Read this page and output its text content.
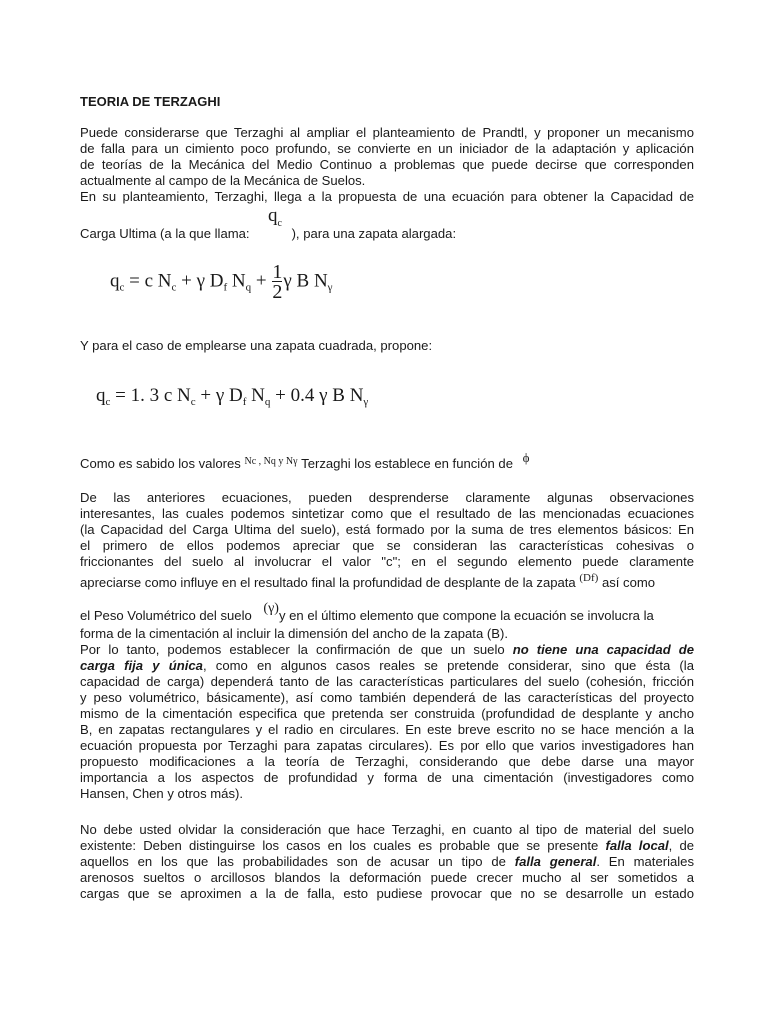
TEORIA DE TERZAGHI
Puede considerarse que Terzaghi al ampliar el planteamiento de Prandtl, y proponer un mecanismo
de falla para un cimiento poco profundo, se convierte en un iniciador de la adaptación y aplicación
de teorías de la Mecánica del Medio Continuo a problemas que puede decirse que corresponden
actualmente al campo de la Mecánica de Suelos.
En su planteamiento, Terzaghi, llega a la propuesta de una ecuación para obtener la Capacidad de
$q_c$
Carga Ultima (a la que llama:	), para una zapata alargada:
$q_c = c$ $N_c + \gamma$ $D_f$ $N_q + \frac{1}{2}$ γ B $N_\gamma$
Y para el caso de emplearse una zapata cuadrada, propone:
$q_c = 1$. 3 c $N_c + \gamma$ $D_f$ $N_q + 0.4$ γ B $N_\gamma$
Como es sabido los valores $^{Nc , Nq y N\gamma}$ Terzaghi los establece en función de ϕ
De las anteriores ecuaciones, pueden desprenderse claramente algunas observaciones
interesantes, las cuales podemos sintetizar como que el resultado de las mencionadas ecuaciones
(la Capacidad del Carga Ultima del suelo), está formado por la suma de tres elementos básicos: En
el primero de ellos podemos apreciar que se consideran las características cohesivas o
friccionantes del suelo al involucrar el valor "c"; en el segundo elemento puede claramente
apreciarse como influye en el resultado final la profundidad de desplante de la zapata $^{(Df)}$ así como
el Peso Volumétrico del suelo (γ)y en el último elemento que compone la ecuación se involucra la
forma de la cimentación al incluir la dimensión del ancho de la zapata (B).
Por lo tanto, podemos establecer la confirmación de que un suelo no tiene una capacidad de
carga fija y única, como en algunos casos reales se pretende considerar, sino que ésta (la
capacidad de carga) dependerá tanto de las características particulares del suelo (cohesión, fricción
y peso volumétrico, básicamente), así como también dependerá de las características del proyecto
mismo de la cimentación especifica que pretenda ser construida (profundidad de desplante y ancho
B, en zapatas rectangulares y el radio en circulares. En este breve escrito no se hace mención a la
ecuación propuesta por Terzaghi para zapatas circulares). Es por ello que varios investigadores han
propuesto modificaciones a la teoría de Terzaghi, considerando que debe darse una mayor
importancia a los aspectos de profundidad y forma de una cimentación (investigadores como
Hansen, Chen y otros más).
No debe usted olvidar la consideración que hace Terzaghi, en cuanto al tipo de material del suelo
existente: Deben distinguirse los casos en los cuales es probable que se presente falla local, de
aquellos en los que las probabilidades son de acusar un tipo de falla general. En materiales
arenosos sueltos o arcillosos blandos la deformación puede crecer mucho al ser sometidos a
cargas que se aproximen a la de falla, esto pudiese provocar que no se desarrolle un estado
